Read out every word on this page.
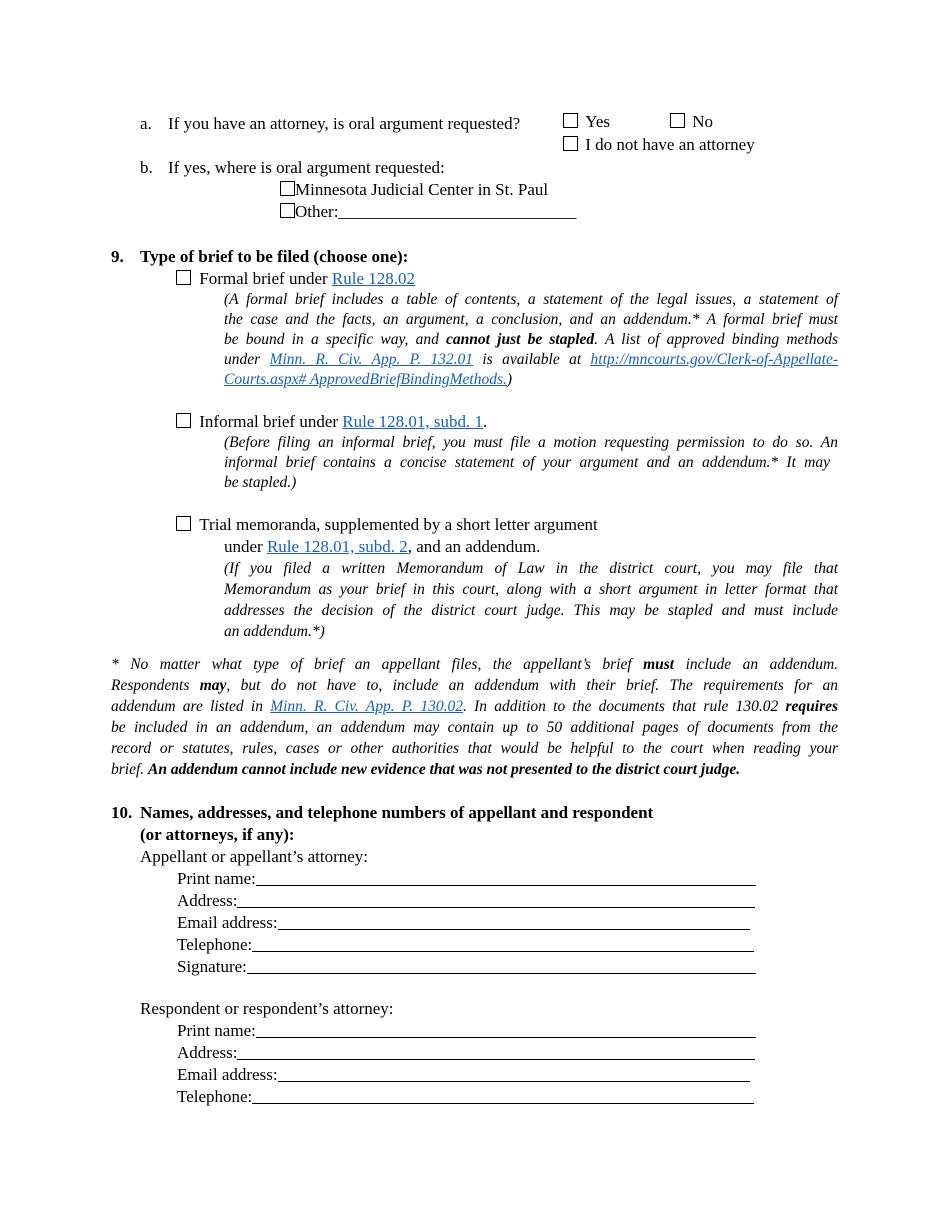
a. If you have an attorney, is oral argument requested?	Yes	No
I do not have an attorney
b. If yes, where is oral argument requested:
Minnesota Judicial Center in St. Paul
Other:____________________________
9. Type of brief to be filed (choose one):
Formal brief under Rule 128.02
(A formal brief includes a table of contents, a statement of the legal issues, a statement of
the case and the facts, an argument, a conclusion, and an addendum.* A formal brief must
be bound in a specific way, and cannot just be stapled. A list of approved binding methods
under Minn. R. Civ. App. P. 132.01 is available at http://mncourts.gov/Clerk-of-Appellate-
Courts.aspx# ApprovedBriefBindingMethods.)
Informal brief under Rule 128.01, subd. 1.
(Before filing an informal brief, you must file a motion requesting permission to do so. An
informal brief contains a concise statement of your argument and an addendum.* It may
be stapled.)
Trial memoranda, supplemented by a short letter argument
under Rule 128.01, subd. 2, and an addendum.
(If you filed a written Memorandum of Law in the district court, you may file that
Memorandum as your brief in this court, along with a short argument in letter format that
addresses the decision of the district court judge. This may be stapled and must include
an addendum.*)
* No matter what type of brief an appellant files, the appellant’s brief must include an addendum.
Respondents may, but do not have to, include an addendum with their brief. The requirements for an
addendum are listed in Minn. R. Civ. App. P. 130.02. In addition to the documents that rule 130.02 requires
be included in an addendum, an addendum may contain up to 50 additional pages of documents from the
record or statutes, rules, cases or other authorities that would be helpful to the court when reading your
brief. An addendum cannot include new evidence that was not presented to the district court judge.
10. Names, addresses, and telephone numbers of appellant and respondent
(or attorneys, if any):
Appellant or appellant’s attorney:
Print name:
Address:
Email address:
Telephone:
Signature:
Respondent or respondent’s attorney:
Print name:
Address:
Email address:
Telephone:
